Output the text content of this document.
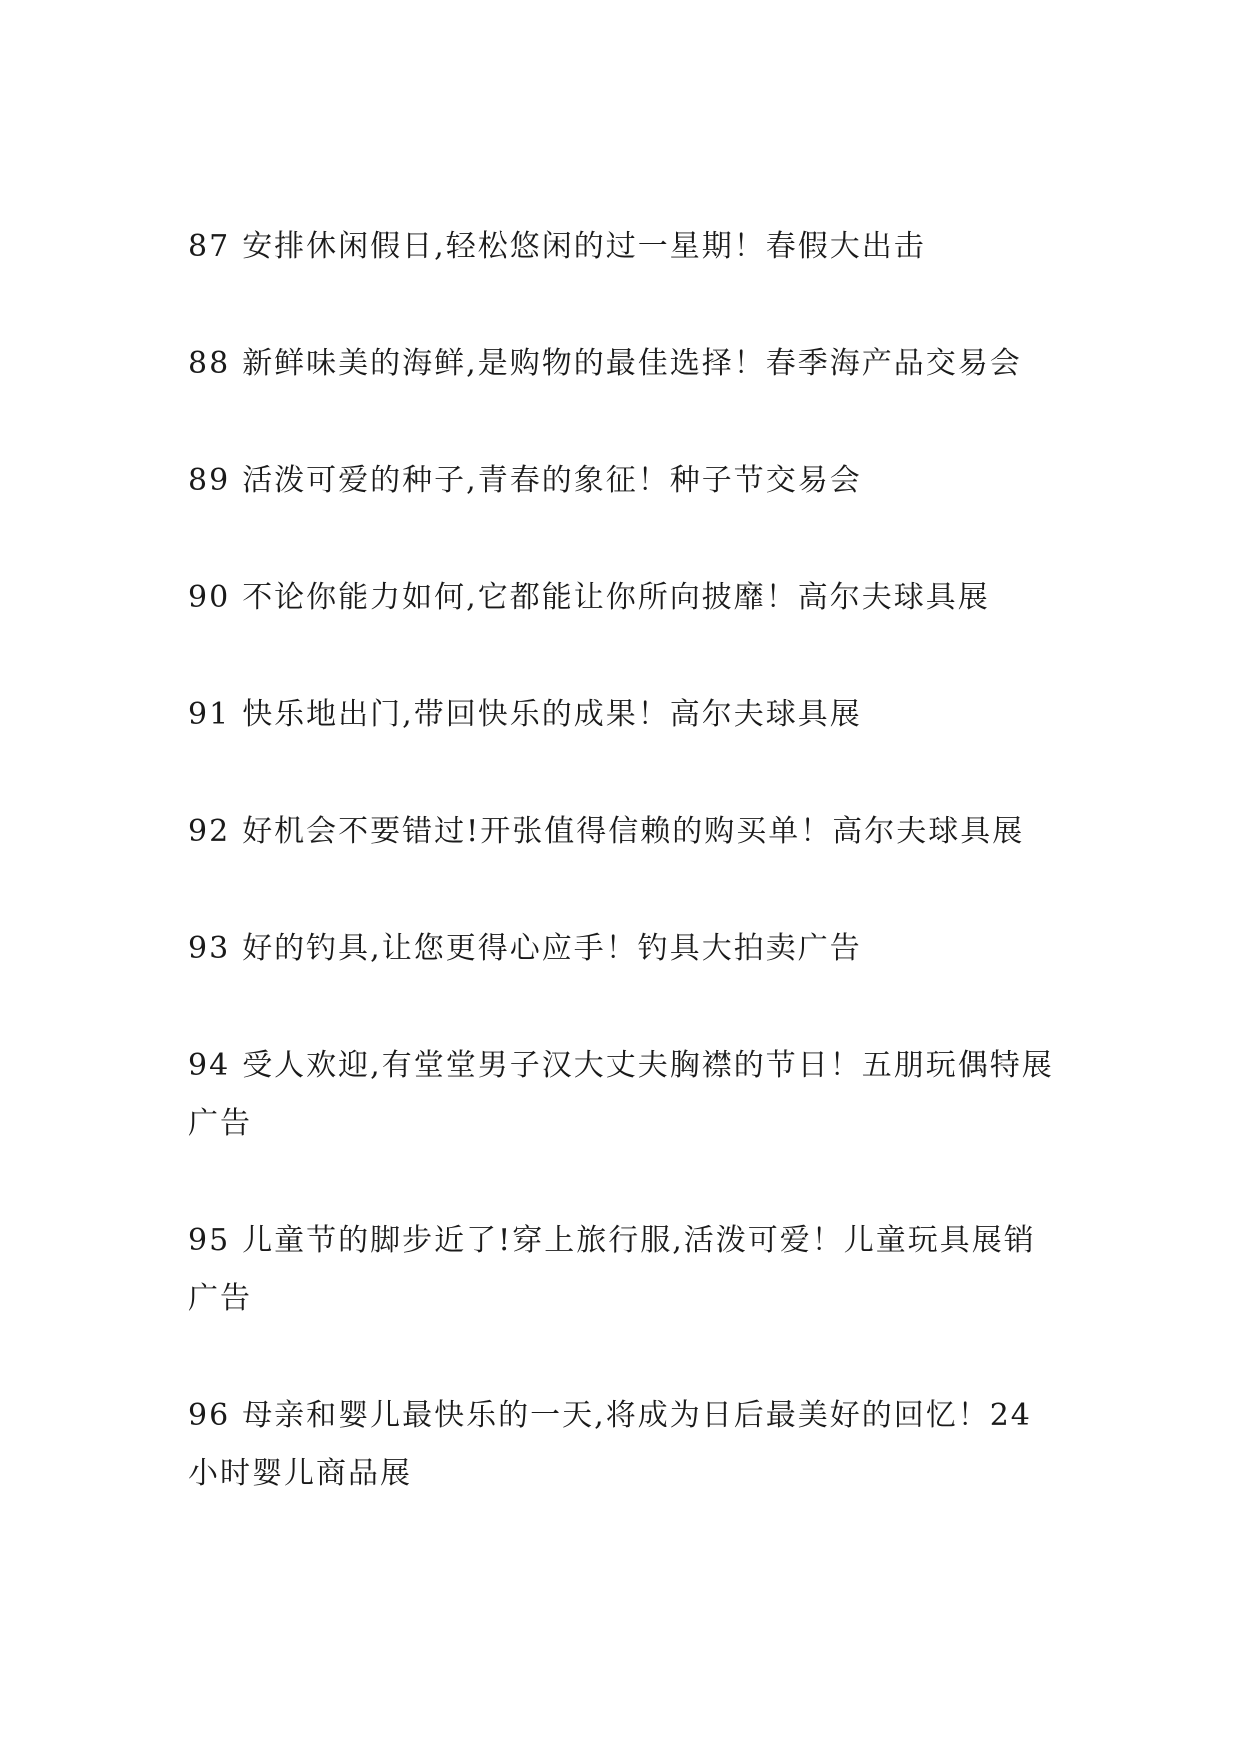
87 安排休闲假日,轻松悠闲的过一星期！春假大出击

88 新鲜味美的海鲜,是购物的最佳选择！春季海产品交易会

89 活泼可爱的种子,青春的象征！种子节交易会

90 不论你能力如何,它都能让你所向披靡！高尔夫球具展

91 快乐地出门,带回快乐的成果！高尔夫球具展

92 好机会不要错过!开张值得信赖的购买单！高尔夫球具展

93 好的钓具,让您更得心应手！钓具大拍卖广告

94 受人欢迎,有堂堂男子汉大丈夫胸襟的节日！五朋玩偶特展广告

95 儿童节的脚步近了!穿上旅行服,活泼可爱！儿童玩具展销广告

96 母亲和婴儿最快乐的一天,将成为日后最美好的回忆！24小时婴儿商品展
